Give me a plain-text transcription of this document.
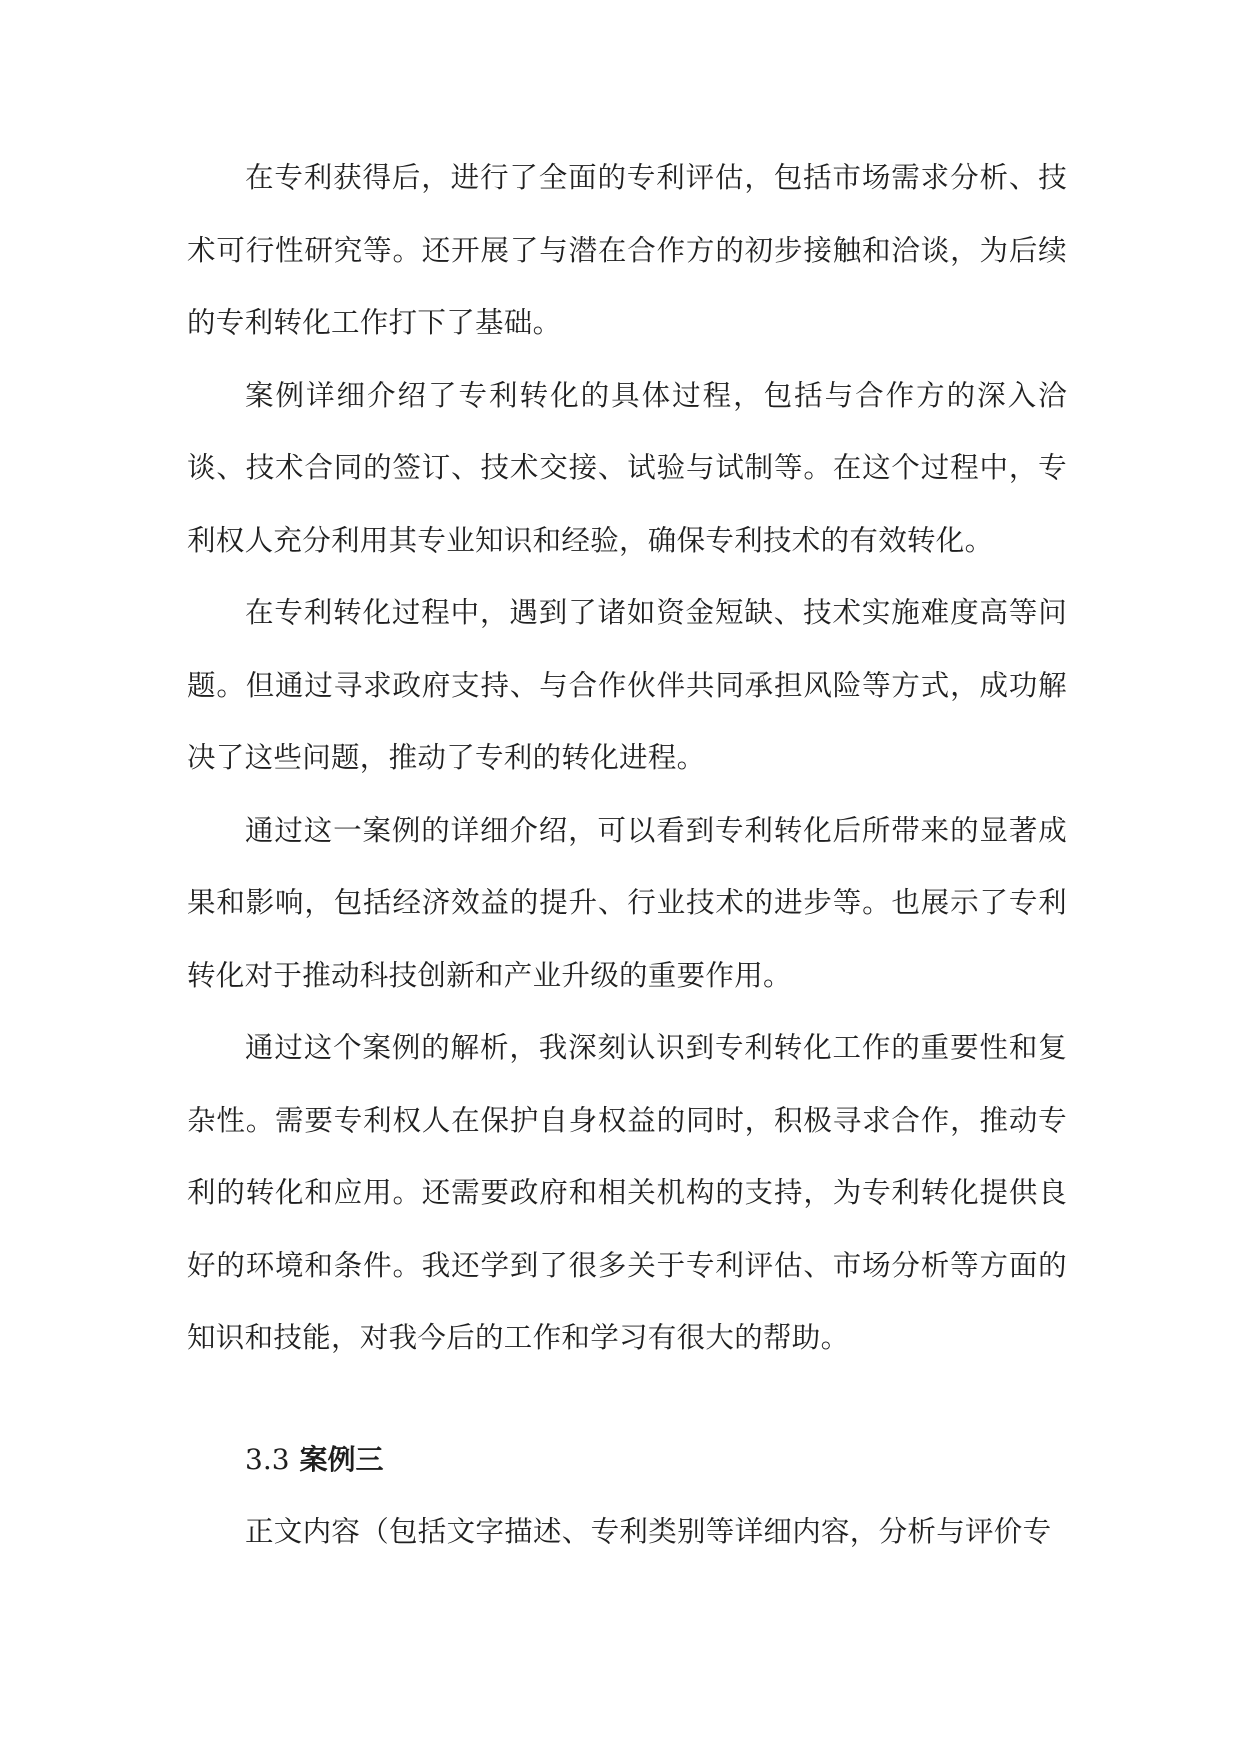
在专利获得后，进行了全面的专利评估，包括市场需求分析、技术可行性研究等。还开展了与潜在合作方的初步接触和洽谈，为后续的专利转化工作打下了基础。

案例详细介绍了专利转化的具体过程，包括与合作方的深入洽谈、技术合同的签订、技术交接、试验与试制等。在这个过程中，专利权人充分利用其专业知识和经验，确保专利技术的有效转化。

在专利转化过程中，遇到了诸如资金短缺、技术实施难度高等问题。但通过寻求政府支持、与合作伙伴共同承担风险等方式，成功解决了这些问题，推动了专利的转化进程。

通过这一案例的详细介绍，可以看到专利转化后所带来的显著成果和影响，包括经济效益的提升、行业技术的进步等。也展示了专利转化对于推动科技创新和产业升级的重要作用。

通过这个案例的解析，我深刻认识到专利转化工作的重要性和复杂性。需要专利权人在保护自身权益的同时，积极寻求合作，推动专利的转化和应用。还需要政府和相关机构的支持，为专利转化提供良好的环境和条件。我还学到了很多关于专利评估、市场分析等方面的知识和技能，对我今后的工作和学习有很大的帮助。

3.3 案例三

正文内容（包括文字描述、专利类别等详细内容，分析与评价专
